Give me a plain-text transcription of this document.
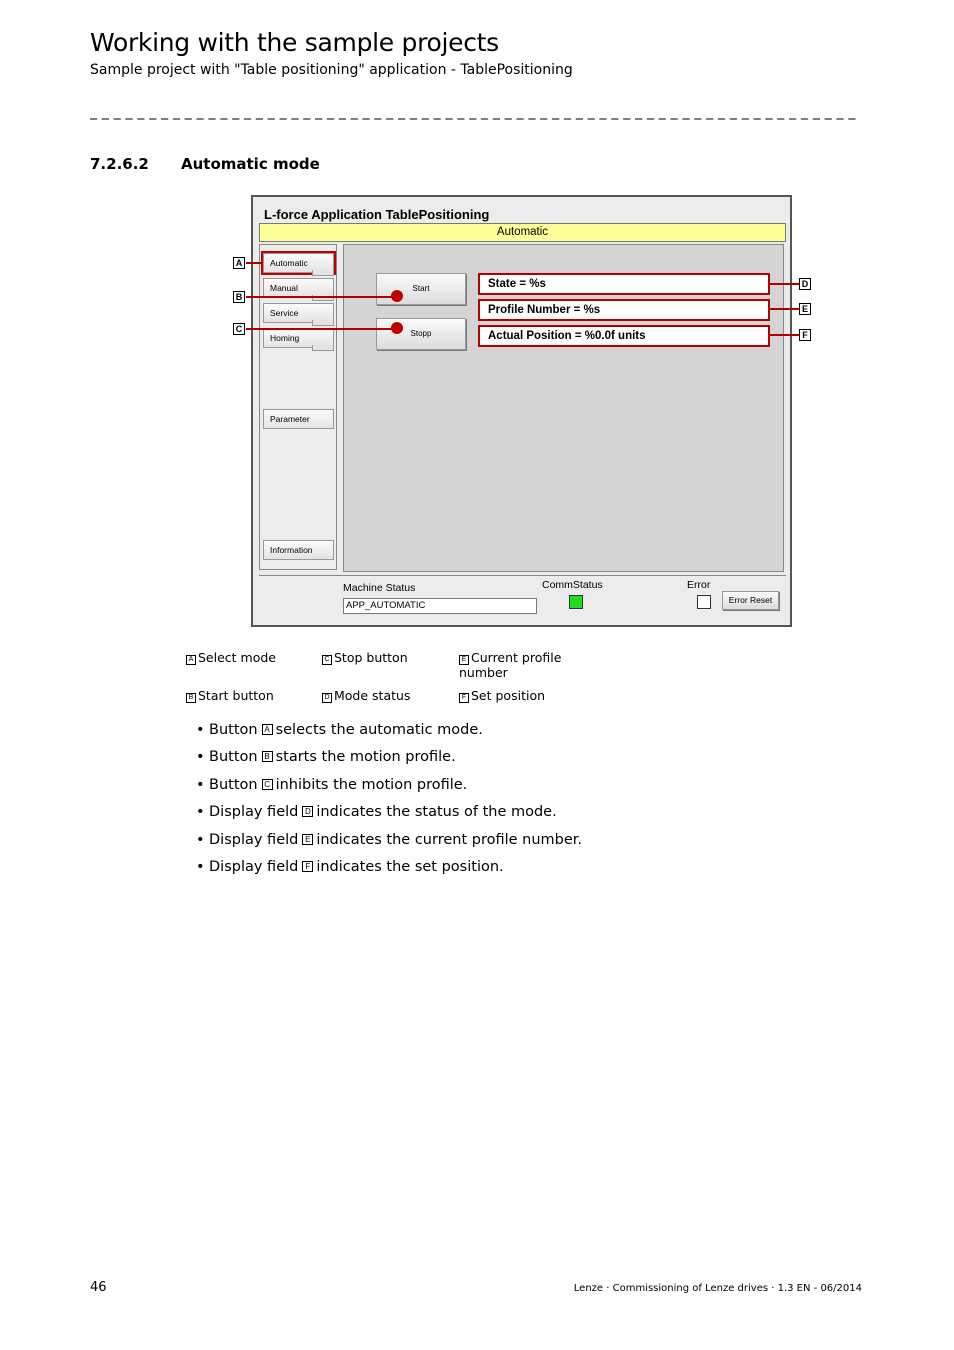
Working with the sample projects
Sample project with "Table positioning" application - TablePositioning
_ _ _ _ _ _ _ _ _ _ _ _ _ _ _ _ _ _ _ _ _ _ _ _ _ _ _ _ _ _ _ _ _ _ _ _ _ _ _ _ _ _ _ _ _ _ _ _ _ _ _ _ _ _ _ _ _ _ _ _ _ _ _ _ _
7.2.6.2 Automatic mode
L-force Application TablePositioning
Automatic
Automatic
Manual
Service
Homing
Parameter
Information
Start
Stopp
State = %s
Profile Number = %s
Actual Position = %0.0f units
Machine Status
APP_AUTOMATIC
CommStatus	Error
Error Reset
A
B
C
D
E
F
A Select mode
B Start button
C Stop button
D Mode status
E Current profile
number
F Set position
• Button A selects the automatic mode.
• Button B starts the motion profile.
• Button C inhibits the motion profile.
• Display field D indicates the status of the mode.
• Display field E indicates the current profile number.
• Display field F indicates the set position.
46	Lenze · Commissioning of Lenze drives · 1.3 EN - 06/2014
